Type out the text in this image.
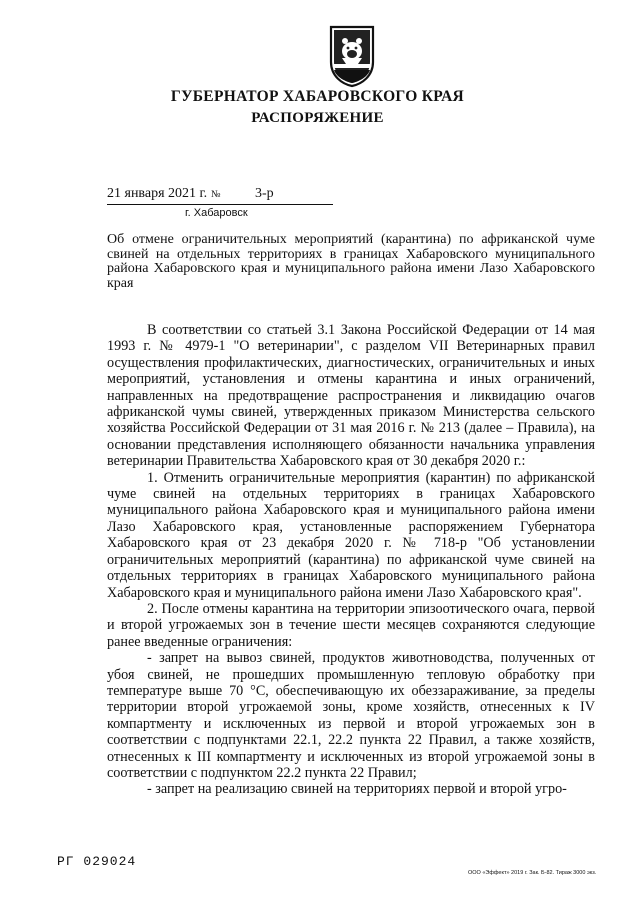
ГУБЕРНАТОР ХАБАРОВСКОГО КРАЯ
РАСПОРЯЖЕНИЕ
21 января 2021 г. № 3-р
г. Хабаровск
Об отмене ограничительных мероприятий (карантина) по африканской чуме свиней на отдельных территориях в границах Хабаровского муниципального района Хабаровского края и муниципального района имени Лазо Хабаровского края

В соответствии со статьей 3.1 Закона Российской Федерации от 14 мая 1993 г. № 4979-1 "О ветеринарии", с разделом VII Ветеринарных правил осуществления профилактических, диагностических, ограничительных и иных мероприятий, установления и отмены карантина и иных ограничений, направленных на предотвращение распространения и ликвидацию очагов африканской чумы свиней, утвержденных приказом Министерства сельского хозяйства Российской Федерации от 31 мая 2016 г. № 213 (далее – Правила), на основании представления исполняющего обязанности начальника управления ветеринарии Правительства Хабаровского края от 30 декабря 2020 г.:

1. Отменить ограничительные мероприятия (карантин) по африканской чуме свиней на отдельных территориях в границах Хабаровского муниципального района Хабаровского края и муниципального района имени Лазо Хабаровского края, установленные распоряжением Губернатора Хабаровского края от 23 декабря 2020 г. № 718-р "Об установлении ограничительных мероприятий (карантина) по африканской чуме свиней на отдельных территориях в границах Хабаровского муниципального района Хабаровского края и муниципального района имени Лазо Хабаровского края".

2. После отмены карантина на территории эпизоотического очага, первой и второй угрожаемых зон в течение шести месяцев сохраняются следующие ранее введенные ограничения:

- запрет на вывоз свиней, продуктов животноводства, полученных от убоя свиней, не прошедших промышленную тепловую обработку при температуре выше 70 °С, обеспечивающую их обеззараживание, за пределы территории второй угрожаемой зоны, кроме хозяйств, отнесенных к IV компартменту и исключенных из первой и второй угрожаемых зон в соответствии с подпунктами 22.1, 22.2 пункта 22 Правил, а также хозяйств, отнесенных к III компартменту и исключенных из второй угрожаемой зоны в соответствии с подпунктом 22.2 пункта 22 Правил;

- запрет на реализацию свиней на территориях первой и второй угро-

РГ 029024
ООО «Эффект» 2019 г. Зак. Б-82. Тираж 3000 экз.
